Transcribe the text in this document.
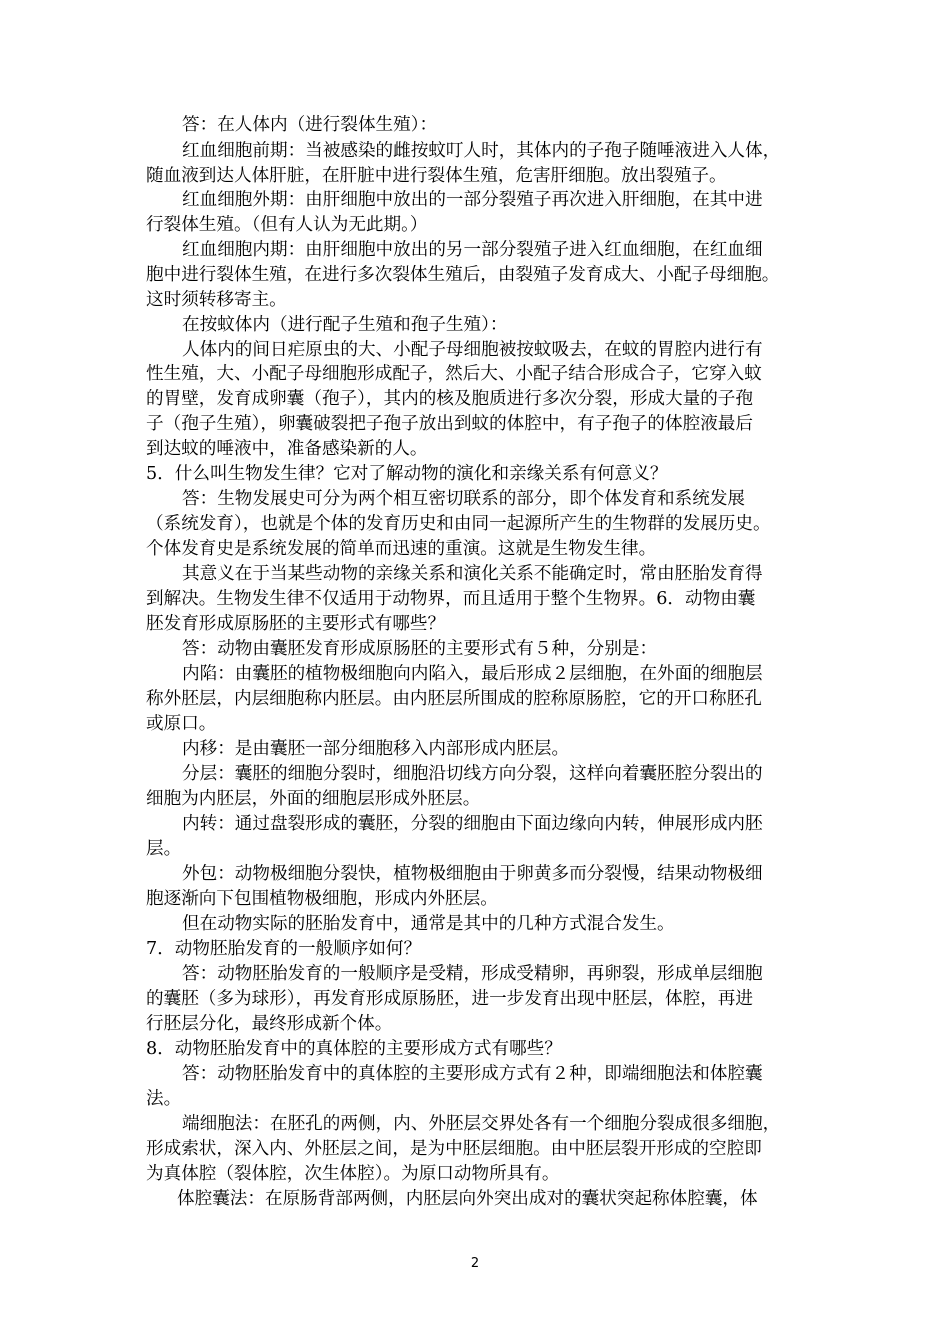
答：在人体内（进行裂体生殖）：
红血细胞前期：当被感染的雌按蚊叮人时，其体内的子孢子随唾液进入人体，
随血液到达人体肝脏，在肝脏中进行裂体生殖，危害肝细胞。放出裂殖子。
红血细胞外期：由肝细胞中放出的一部分裂殖子再次进入肝细胞，在其中进
行裂体生殖。（但有人认为无此期。）
红血细胞内期：由肝细胞中放出的另一部分裂殖子进入红血细胞，在红血细
胞中进行裂体生殖，在进行多次裂体生殖后，由裂殖子发育成大、小配子母细胞。
这时须转移寄主。
在按蚊体内（进行配子生殖和孢子生殖）：
人体内的间日疟原虫的大、小配子母细胞被按蚊吸去，在蚊的胃腔内进行有
性生殖，大、小配子母细胞形成配子，然后大、小配子结合形成合子，它穿入蚊
的胃壁，发育成卵囊（孢子），其内的核及胞质进行多次分裂，形成大量的子孢
子（孢子生殖），卵囊破裂把子孢子放出到蚊的体腔中，有子孢子的体腔液最后
到达蚊的唾液中，准备感染新的人。
5．什么叫生物发生律？它对了解动物的演化和亲缘关系有何意义？
答：生物发展史可分为两个相互密切联系的部分，即个体发育和系统发展
（系统发育），也就是个体的发育历史和由同一起源所产生的生物群的发展历史。
个体发育史是系统发展的简单而迅速的重演。这就是生物发生律。
其意义在于当某些动物的亲缘关系和演化关系不能确定时，常由胚胎发育得
到解决。生物发生律不仅适用于动物界，而且适用于整个生物界。6．动物由囊
胚发育形成原肠胚的主要形式有哪些？
答：动物由囊胚发育形成原肠胚的主要形式有５种，分别是：
内陷：由囊胚的植物极细胞向内陷入，最后形成２层细胞，在外面的细胞层
称外胚层，内层细胞称内胚层。由内胚层所围成的腔称原肠腔，它的开口称胚孔
或原口。
内移：是由囊胚一部分细胞移入内部形成内胚层。
分层：囊胚的细胞分裂时，细胞沿切线方向分裂，这样向着囊胚腔分裂出的
细胞为内胚层，外面的细胞层形成外胚层。
内转：通过盘裂形成的囊胚，分裂的细胞由下面边缘向内转，伸展形成内胚
层。
外包：动物极细胞分裂快，植物极细胞由于卵黄多而分裂慢，结果动物极细
胞逐渐向下包围植物极细胞，形成内外胚层。
但在动物实际的胚胎发育中，通常是其中的几种方式混合发生。
7．动物胚胎发育的一般顺序如何？
答：动物胚胎发育的一般顺序是受精，形成受精卵，再卵裂，形成单层细胞
的囊胚（多为球形），再发育形成原肠胚，进一步发育出现中胚层，体腔，再进
行胚层分化，最终形成新个体。
8．动物胚胎发育中的真体腔的主要形成方式有哪些？
答：动物胚胎发育中的真体腔的主要形成方式有２种，即端细胞法和体腔囊
法。
端细胞法：在胚孔的两侧，内、外胚层交界处各有一个细胞分裂成很多细胞，
形成索状，深入内、外胚层之间，是为中胚层细胞。由中胚层裂开形成的空腔即
为真体腔（裂体腔，次生体腔）。为原口动物所具有。
体腔囊法：在原肠背部两侧，内胚层向外突出成对的囊状突起称体腔囊，体
2
